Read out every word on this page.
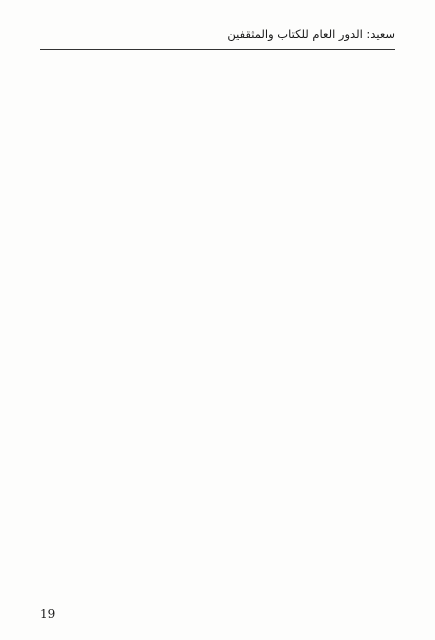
سعيد: الدور العام للكتاب والمثقفين
19
